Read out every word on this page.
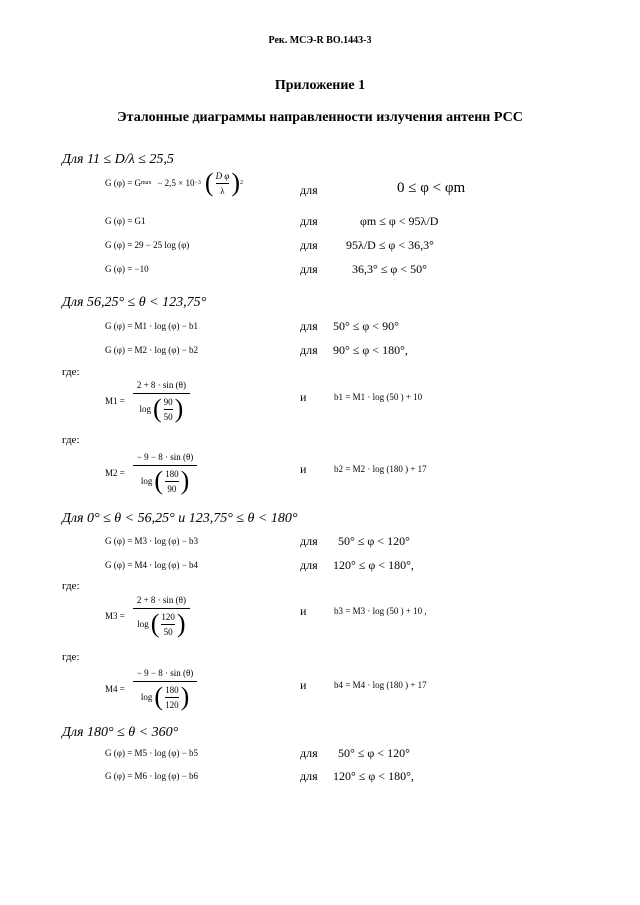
Рек. МСЭ-R ВО.1443-3
Приложение 1
Эталонные диаграммы направленности излучения антенн РСС
Для 11 ≤ D/λ ≤ 25,5
G (φ) = G max − 2,5 × 10 −3 ( D φ
λ ) 2	для	0 ≤ φ < φm
G (φ) = G1	для	φm ≤ φ < 95λ/D
G (φ) = 29 − 25 log (φ)	для 95λ/D ≤ φ < 36,3°
G (φ) = −10	для	36,3° ≤ φ < 50°
Для 56,25° ≤ θ < 123,75°
G (φ) = M1 · log (φ) − b1	для 50° ≤ φ < 90°
G (φ) = M2 · log (φ) − b2	для 90° ≤ φ < 180°,
где:
M1 =
2 + 8 · sin (θ)
log ( 90
50 )	и	b1 = M1 · log (50 ) + 10
где:
M2 =
− 9 − 8 · sin (θ)
log ( 180
90 )	и	b2 = M2 · log (180 ) + 17
Для 0° ≤ θ < 56,25° и 123,75° ≤ θ < 180°
G (φ) = M3 · log (φ) − b3	для 50° ≤ φ < 120°
G (φ) = M4 · log (φ) − b4	для 120° ≤ φ < 180°,
где:
M3 =
2 + 8 · sin (θ)
log ( 120
50 )	и	b3 = M3 · log (50 ) + 10 ,
где:
M4 =
− 9 − 8 · sin (θ)
log ( 180
120 )	и	b4 = M4 · log (180 ) + 17
Для 180° ≤ θ < 360°
G (φ) = M5 · log (φ) − b5	для 50° ≤ φ < 120°
G (φ) = M6 · log (φ) − b6	для 120° ≤ φ < 180°,
